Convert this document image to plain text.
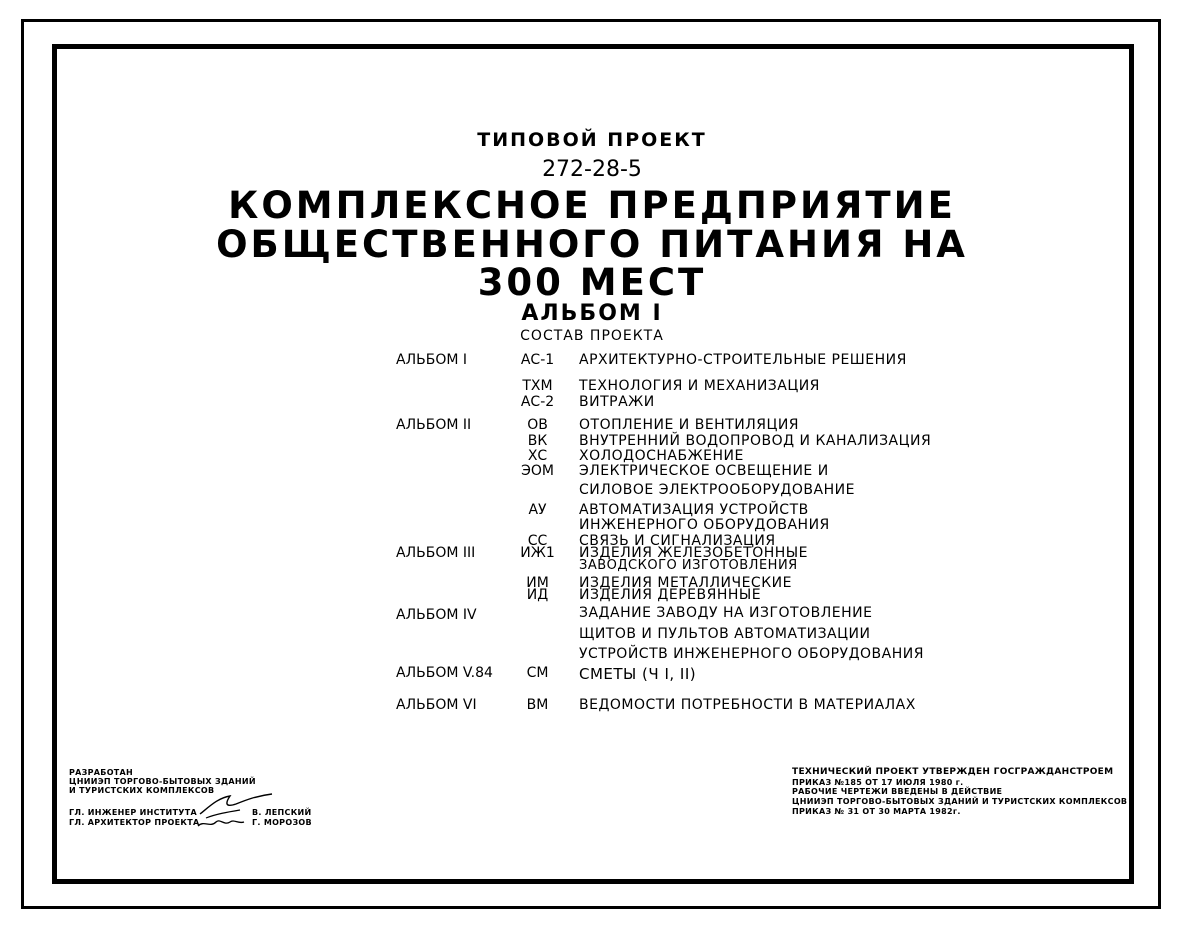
ТИПОВОЙ ПРОЕКТ
272-28-5
КОМПЛЕКСНОЕ ПРЕДПРИЯТИЕ
ОБЩЕСТВЕННОГО ПИТАНИЯ НА
300 МЕСТ
АЛЬБОМ I
СОСТАВ ПРОЕКТА
АЛЬБОМ I
АЛЬБОМ II
АЛЬБОМ III
АЛЬБОМ IV
АЛЬБОМ V.84
АЛЬБОМ VI
АС-1
ТХМ
АС-2
ОВ
ВК
ХС
ЭОМ
АУ
СС
ИЖ1
ИМ
ИД
СМ
ВМ
АРХИТЕКТУРНО-СТРОИТЕЛЬНЫЕ РЕШЕНИЯ
ТЕХНОЛОГИЯ И МЕХАНИЗАЦИЯ
ВИТРАЖИ
ОТОПЛЕНИЕ И ВЕНТИЛЯЦИЯ
ВНУТРЕННИЙ ВОДОПРОВОД И КАНАЛИЗАЦИЯ
ХОЛОДОСНАБЖЕНИЕ
ЭЛЕКТРИЧЕСКОЕ ОСВЕЩЕНИЕ И
СИЛОВОЕ ЭЛЕКТРООБОРУДОВАНИЕ
АВТОМАТИЗАЦИЯ УСТРОЙСТВ
ИНЖЕНЕРНОГО ОБОРУДОВАНИЯ
СВЯЗЬ И СИГНАЛИЗАЦИЯ
ИЗДЕЛИЯ ЖЕЛЕЗОБЕТОННЫЕ
ЗАВОДСКОГО ИЗГОТОВЛЕНИЯ
ИЗДЕЛИЯ МЕТАЛЛИЧЕСКИЕ
ИЗДЕЛИЯ ДЕРЕВЯННЫЕ
ЗАДАНИЕ ЗАВОДУ НА ИЗГОТОВЛЕНИЕ
ЩИТОВ И ПУЛЬТОВ АВТОМАТИЗАЦИИ
УСТРОЙСТВ ИНЖЕНЕРНОГО ОБОРУДОВАНИЯ
СМЕТЫ (Ч I, II)
ВЕДОМОСТИ ПОТРЕБНОСТИ В МАТЕРИАЛАХ
РАЗРАБОТАН
ЦНИИЭП ТОРГОВО-БЫТОВЫХ ЗДАНИЙ
И ТУРИСТСКИХ КОМПЛЕКСОВ
ГЛ. ИНЖЕНЕР ИНСТИТУТА	В. ЛЕПСКИЙ
ГЛ. АРХИТЕКТОР ПРОЕКТА	Г. МОРОЗОВ
ТЕХНИЧЕСКИЙ ПРОЕКТ УТВЕРЖДЕН ГОСГРАЖДАНСТРОЕМ
ПРИКАЗ №185 ОТ 17 ИЮЛЯ 1980 г.
РАБОЧИЕ ЧЕРТЕЖИ ВВЕДЕНЫ В ДЕЙСТВИЕ
ЦНИИЭП ТОРГОВО-БЫТОВЫХ ЗДАНИЙ И ТУРИСТСКИХ КОМПЛЕКСОВ
ПРИКАЗ № 31 ОТ 30 МАРТА 1982г.
